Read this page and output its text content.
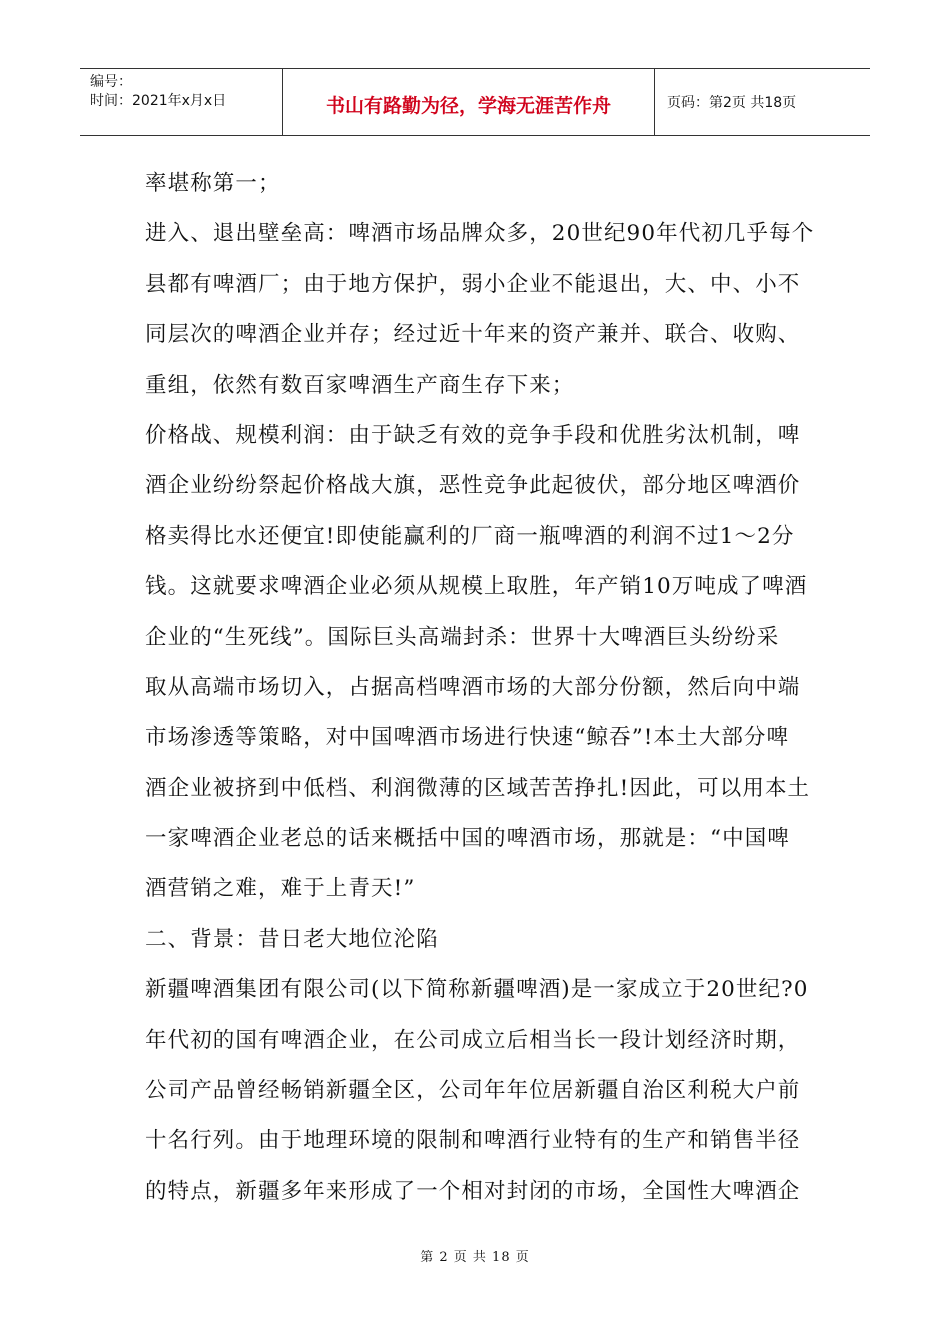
编号：
时间：2021年x月x日	书山有路勤为径，学海无涯苦作舟	页码：第2页 共18页
率堪称第一；
进入、退出壁垒高：啤酒市场品牌众多，20世纪90年代初几乎每个
县都有啤酒厂；由于地方保护，弱小企业不能退出，大、中、小不
同层次的啤酒企业并存；经过近十年来的资产兼并、联合、收购、
重组，依然有数百家啤酒生产商生存下来；
价格战、规模利润：由于缺乏有效的竞争手段和优胜劣汰机制，啤
酒企业纷纷祭起价格战大旗，恶性竞争此起彼伏，部分地区啤酒价
格卖得比水还便宜!即使能赢利的厂商一瓶啤酒的利润不过1～2分
钱。这就要求啤酒企业必须从规模上取胜，年产销10万吨成了啤酒
企业的“生死线”。国际巨头高端封杀：世界十大啤酒巨头纷纷采
取从高端市场切入，占据高档啤酒市场的大部分份额，然后向中端
市场渗透等策略，对中国啤酒市场进行快速“鲸吞”!本土大部分啤
酒企业被挤到中低档、利润微薄的区域苦苦挣扎!因此，可以用本土
一家啤酒企业老总的话来概括中国的啤酒市场，那就是：“中国啤
酒营销之难，难于上青天!”
二、背景：昔日老大地位沦陷
新疆啤酒集团有限公司(以下简称新疆啤酒)是一家成立于20世纪?0
年代初的国有啤酒企业，在公司成立后相当长一段计划经济时期，
公司产品曾经畅销新疆全区，公司年年位居新疆自治区利税大户前
十名行列。由于地理环境的限制和啤酒行业特有的生产和销售半径
的特点，新疆多年来形成了一个相对封闭的市场，全国性大啤酒企
第 2 页 共 18 页
